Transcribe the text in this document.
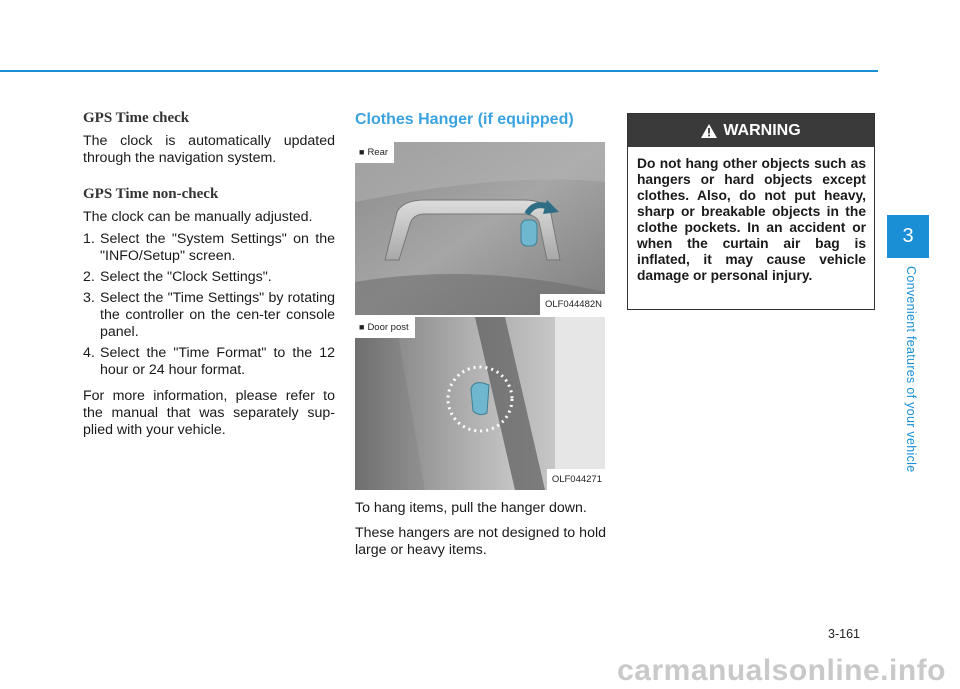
GPS Time check

The clock is automatically updated through the navigation system.

GPS Time non-check

The clock can be manually adjusted.

1. Select the "System Settings" on the "INFO/Setup" screen.
2. Select the "Clock Settings".
3. Select the "Time Settings" by rotating the controller on the cen-ter console panel.
4. Select the "Time Format" to the 12 hour or 24 hour format.

For more information, please refer to the manual that was separately sup-plied with your vehicle.

Clothes Hanger (if equipped)
■ Rear
OLF044482N
■ Door post
OLF044271

To hang items, pull the hanger down.

These hangers are not designed to hold large or heavy items.

WARNING
Do not hang other objects such as hangers or hard objects except clothes. Also, do not put heavy, sharp or breakable objects in the clothe pockets. In an accident or when the curtain air bag is inflated, it may cause vehicle damage or personal injury.
3
Convenient features of your vehicle
3-161
carmanualsonline.info
